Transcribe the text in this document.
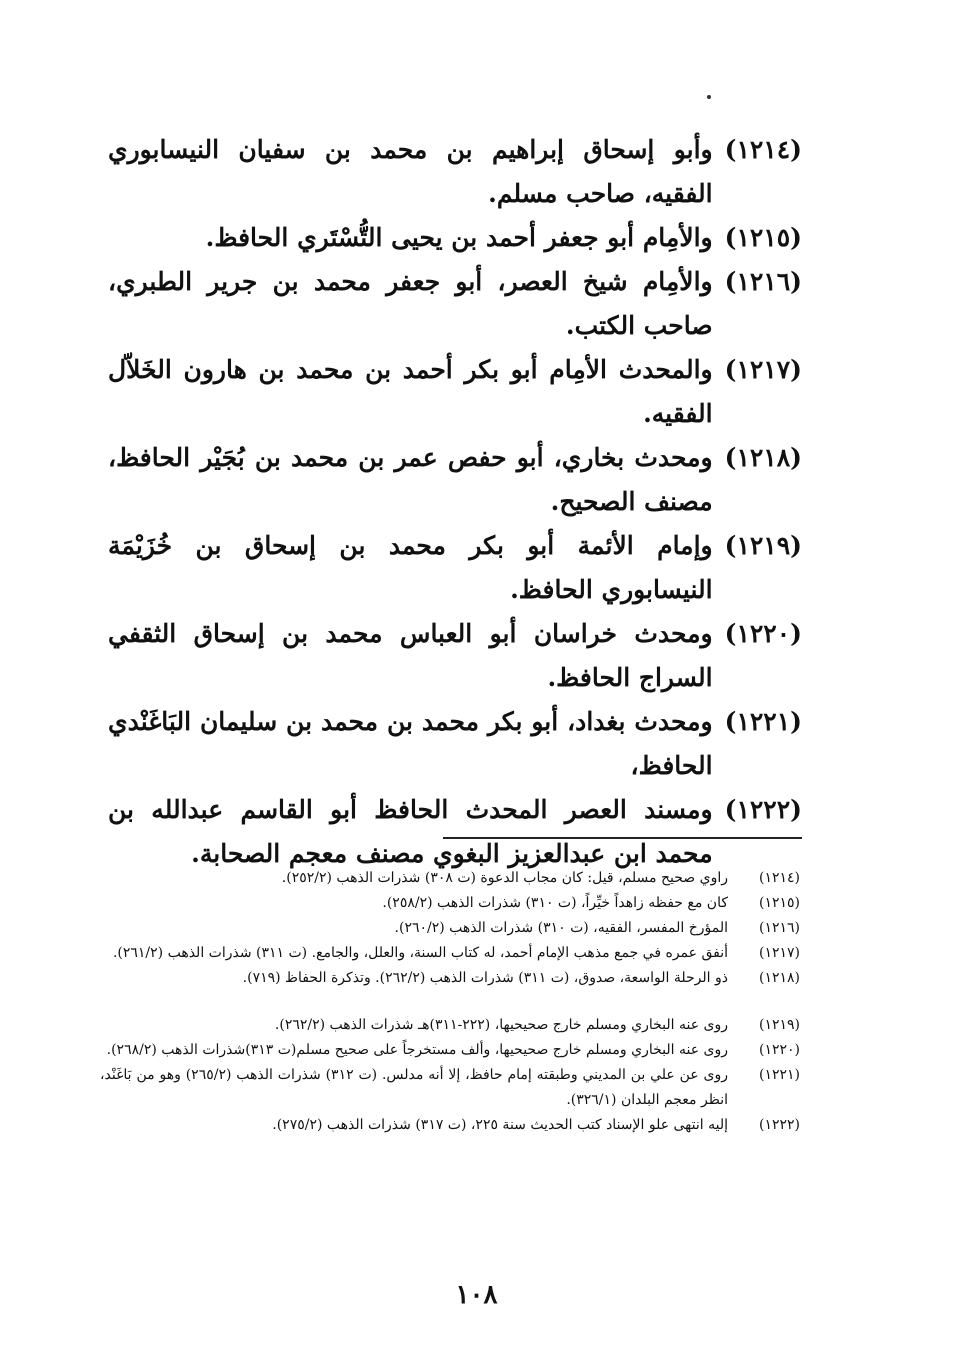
(١٢١٤)
وأبو إسحاق إبراهيم بن محمد بن سفيان النيسابوري الفقيه، صاحب مسلم.
(١٢١٥)
والأمِام أبو جعفر أحمد بن يحيى التُّسْتَري الحافظ.
(١٢١٦)
والأمِام شيخ العصر، أبو جعفر محمد بن جرير الطبري، صاحب الكتب.
(١٢١٧)
والمحدث الأمِام أبو بكر أحمد بن محمد بن هارون الخَلاّل الفقيه.
(١٢١٨)
ومحدث بخاري، أبو حفص عمر بن محمد بن بُجَيْر الحافظ، مصنف الصحيح.
(١٢١٩)
وإمام الأئمة أبو بكر محمد بن إسحاق بن خُزَيْمَة النيسابوري الحافظ.
(١٢٢٠)
ومحدث خراسان أبو العباس محمد بن إسحاق الثقفي السراج الحافظ.
(١٢٢١)
ومحدث بغداد، أبو بكر محمد بن محمد بن سليمان البَاغَنْدي الحافظ،
(١٢٢٢)
ومسند العصر المحدث الحافظ أبو القاسم عبدالله بن محمد ابن عبدالعزيز البغوي مصنف معجم الصحابة.
(١٢١٤)
راوي صحيح مسلم، قيل: كان مجاب الدعوة (ت ٣٠٨) شذرات الذهب (٢٥٢/٢).
(١٢١٥)
كان مع حفظه زاهداً خيِّراً، (ت ٣١٠) شذرات الذهب (٢٥٨/٢).
(١٢١٦)
المؤرخ المفسر، الفقيه، (ت ٣١٠) شذرات الذهب (٢٦٠/٢).
(١٢١٧)
أنفق عمره في جمع مذهب الإمام أحمد، له كتاب السنة، والعلل، والجامع. (ت ٣١١) شذرات الذهب (٢٦١/٢).
(١٢١٨)
ذو الرحلة الواسعة، صدوق، (ت ٣١١) شذرات الذهب (٢٦٢/٢). وتذكرة الحفاظ (٧١٩).
(١٢١٩)
روى عنه البخاري ومسلم خارج صحيحيها، (٢٢٢-٣١١)هـ شذرات الذهب (٢٦٢/٢).
(١٢٢٠)
روى عنه البخاري ومسلم خارج صحيحيها، وألف مستخرجاً على صحيح مسلم(ت ٣١٣)شذرات الذهب (٢٦٨/٢).
(١٢٢١)
روى عن علي بن المديني وطبقته إمام حافظ، إلا أنه مدلس. (ت ٣١٢) شذرات الذهب (٢٦٥/٢) وهو من بَاغَنْد، انظر معجم البلدان (٣٢٦/١).
(١٢٢٢)
إليه انتهى علو الإسناد كتب الحديث سنة ٢٢٥، (ت ٣١٧) شذرات الذهب (٢٧٥/٢).
١٠٨
